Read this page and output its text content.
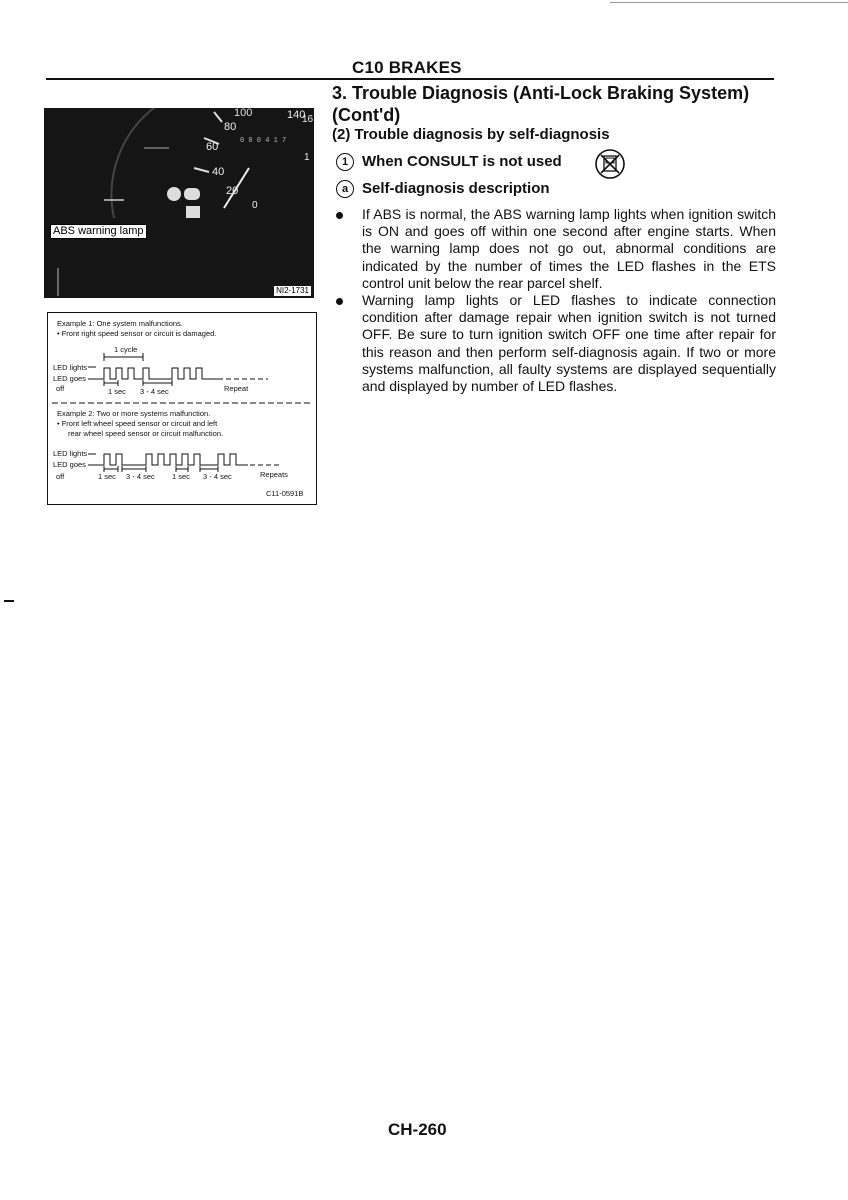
C10 BRAKES
3. Trouble Diagnosis (Anti-Lock Braking System)
(Cont'd)
(2) Trouble diagnosis by self-diagnosis
1 When CONSULT is not used
a Self-diagnosis description
If ABS is normal, the ABS warning lamp lights when ignition switch is ON and goes off within one second after engine starts. When the warning lamp does not go out, abnormal conditions are indicated by the number of times the LED flashes in the ETS control unit below the rear parcel shelf.
Warning lamp lights or LED flashes to indicate connection condition after damage repair when ignition switch is not turned OFF. Be sure to turn ignition switch OFF one time after repair for this reason and then perform self-diagnosis again. If two or more systems malfunction, all faulty systems are displayed sequentially and displayed by number of LED flashes.
100	140
80
60
40
20
0
16
1
0 0 0 4 1 7
ABS warning lamp
NI2-1731
Example 1: One system malfunctions.
• Front right speed sensor or circuit is damaged.
1 cycle
LED lights
LED goes
off	1 sec 3 - 4 sec	Repeat
Example 2: Two or more systems malfunction.
• Front left wheel speed sensor or circuit and left
rear wheel speed sensor or circuit malfunction.
LED lights
LED goes
off	1 sec 3 - 4 sec 1 sec 3 - 4 sec	Repeats
C11-0591B
CH-260
